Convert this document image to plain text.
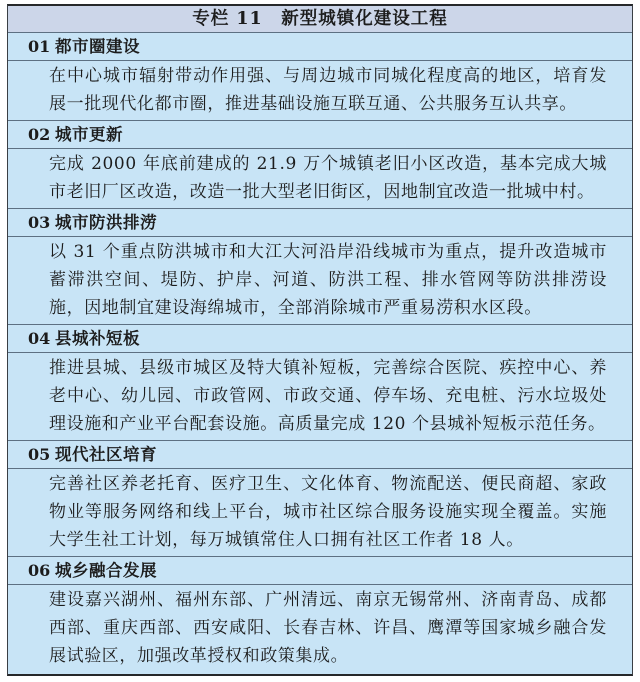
专栏 11　新型城镇化建设工程
01 都市圈建设
在中心城市辐射带动作用强、与周边城市同城化程度高的地区，培育发展一批现代化都市圈，推进基础设施互联互通、公共服务互认共享。
02 城市更新
完成 2000 年底前建成的 21.9 万个城镇老旧小区改造，基本完成大城市老旧厂区改造，改造一批大型老旧街区，因地制宜改造一批城中村。
03 城市防洪排涝
以 31 个重点防洪城市和大江大河沿岸沿线城市为重点，提升改造城市蓄滞洪空间、堤防、护岸、河道、防洪工程、排水管网等防洪排涝设施，因地制宜建设海绵城市，全部消除城市严重易涝积水区段。
04 县城补短板
推进县城、县级市城区及特大镇补短板，完善综合医院、疾控中心、养老中心、幼儿园、市政管网、市政交通、停车场、充电桩、污水垃圾处理设施和产业平台配套设施。高质量完成 120 个县城补短板示范任务。
05 现代社区培育
完善社区养老托育、医疗卫生、文化体育、物流配送、便民商超、家政物业等服务网络和线上平台，城市社区综合服务设施实现全覆盖。实施大学生社工计划，每万城镇常住人口拥有社区工作者 18 人。
06 城乡融合发展
建设嘉兴湖州、福州东部、广州清远、南京无锡常州、济南青岛、成都西部、重庆西部、西安咸阳、长春吉林、许昌、鹰潭等国家城乡融合发展试验区，加强改革授权和政策集成。
